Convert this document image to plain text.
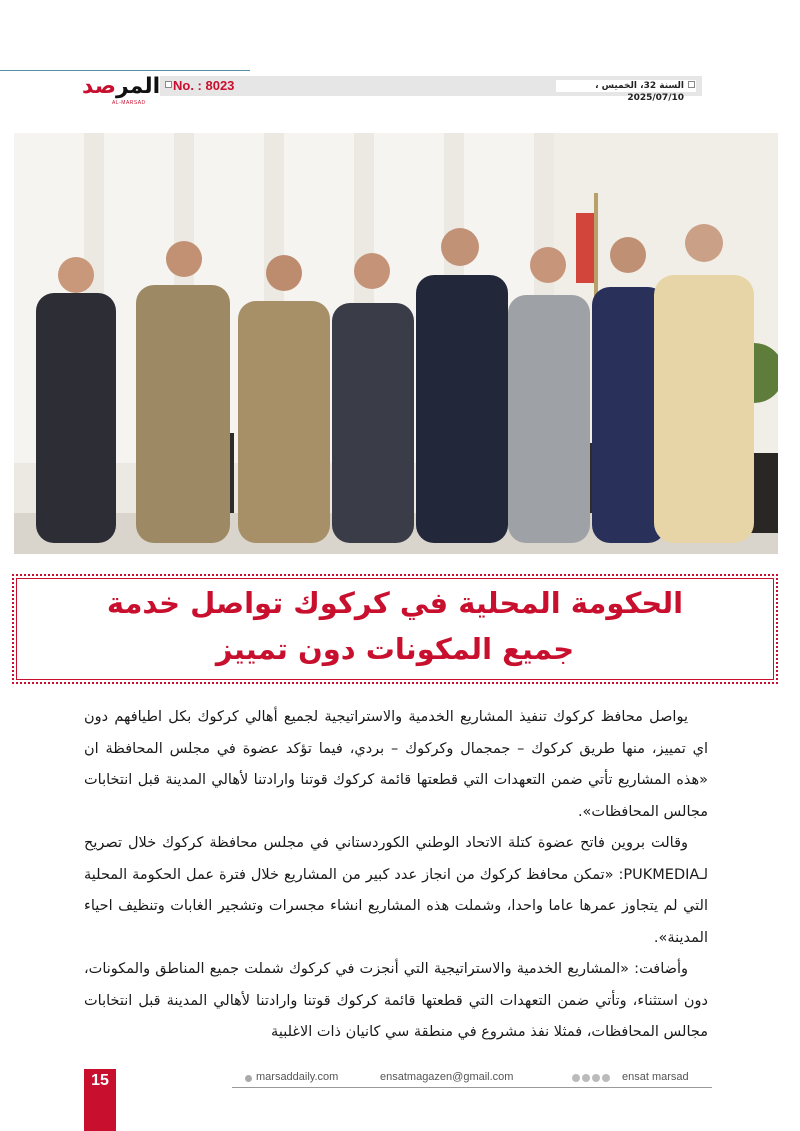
No. : 8023	السنة 32، الخميس ، 2025/07/10
المرصد
AL-MARSAD
الحكومة المحلية في كركوك تواصل خدمة
جميع المكونات دون تمييز

يواصل محافظ كركوك تنفيذ المشاريع الخدمية والاستراتيجية لجميع أهالي كركوك بكل اطيافهم دون اي تمييز، منها طريق كركوك – جمجمال وكركوك – بردي، فيما تؤكد عضوة في مجلس المحافظة ان «هذه المشاريع تأتي ضمن التعهدات التي قطعتها قائمة كركوك قوتنا وارادتنا لأهالي المدينة قبل انتخابات مجالس المحافظات».

وقالت بروين فاتح عضوة كتلة الاتحاد الوطني الكوردستاني في مجلس محافظة كركوك خلال تصريح لـPUKMEDIA: «تمكن محافظ كركوك من انجاز عدد كبير من المشاريع خلال فترة عمل الحكومة المحلية التي لم يتجاوز عمرها عاما واحدا، وشملت هذه المشاريع انشاء مجسرات وتشجير الغابات وتنظيف احياء المدينة».

وأضافت: «المشاريع الخدمية والاستراتيجية التي أنجزت في كركوك شملت جميع المناطق والمكونات، دون استثناء، وتأتي ضمن التعهدات التي قطعتها قائمة كركوك قوتنا وارادتنا لأهالي المدينة قبل انتخابات مجالس المحافظات، فمثلا نفذ مشروع في منطقة سي كانيان ذات الاغلبية

15	marsaddaily.com	ensatmagazen@gmail.com	ensat marsad
